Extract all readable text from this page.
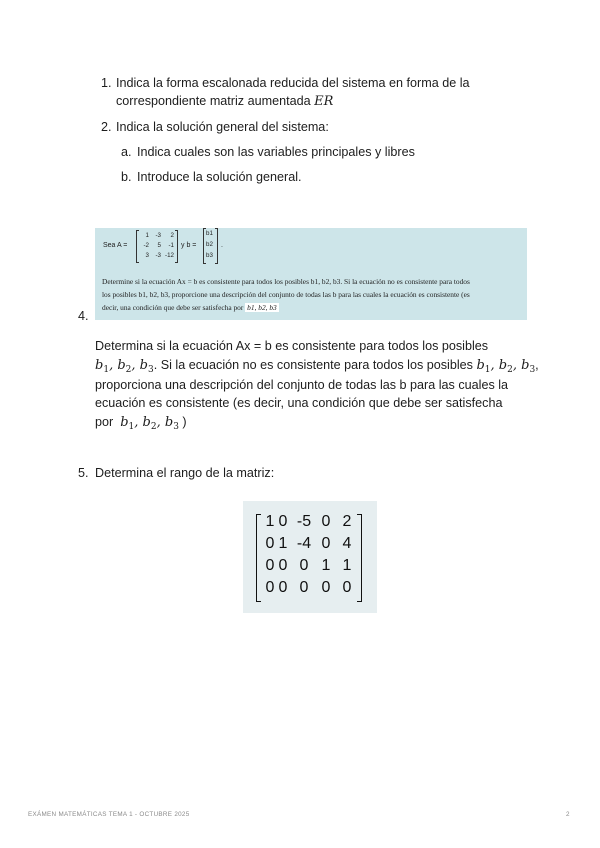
1. Indica la forma escalonada reducida del sistema en forma de la
correspondiente matriz aumentada ER
2. Indica la solución general del sistema:
a. Indica cuales son las variables principales y libres
b. Introduce la solución general.
Sea A =
1	-3	2
-2	5	-1
3	-3 -12
y b =
b1
b2
b3
.
Determine si la ecuación Ax = b es consistente para todos los posibles b1, b2, b3. Si la ecuación no es consistente para todos
los posibles b1, b2, b3, proporcione una descripción del conjunto de todas las b para las cuales la ecuación es consistente (es
decir, una condición que debe ser satisfecha por b1, b2, b3
4.
Determina si la ecuación Ax = b es consistente para todos los posibles
$b_1$, $b_2$, $b_3$. Si la ecuación no es consistente para todos los posibles $b_1$, $b_2$, $b_3$,
proporciona una descripción del conjunto de todas las b para las cuales la
ecuación es consistente (es decir, una condición que debe ser satisfecha
por $b_1$, $b_2$, $b_3$ )
5. Determina el rango de la matriz:
1 0 -5 0 2
0 1 -4 0 4
0 0 0 1 1
0 0 0 0 0
EXÁMEN MATEMÁTICAS TEMA 1 - OCTUBRE 2025	2
